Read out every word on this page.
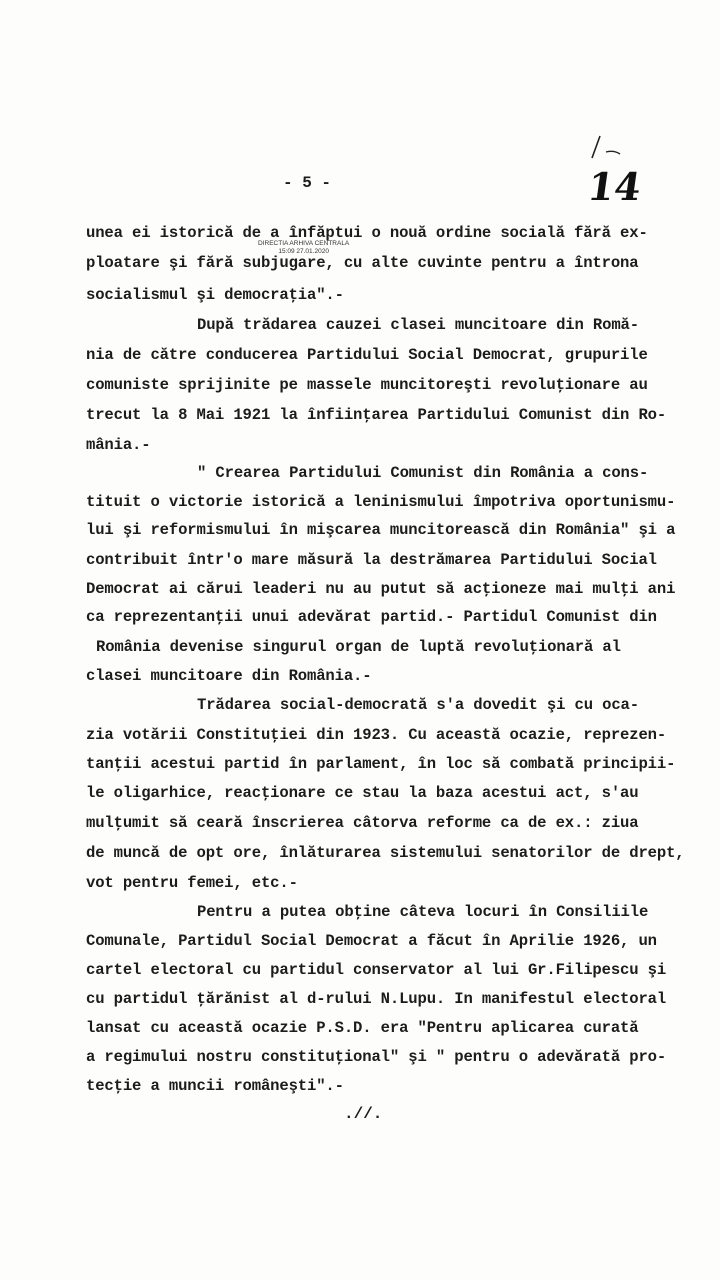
- 5 -	14
DIRECTIA ARHIVA CENTRALA
15:09 27.01.2020
unea ei istorică de a înfăptui o nouă ordine socială fără ex-
ploatare şi fără subjugare, cu alte cuvinte pentru a întrona
socialismul şi democraţia".-
După trădarea cauzei clasei muncitoare din Romă-
nia de către conducerea Partidului Social Democrat, grupurile
comuniste sprijinite pe massele muncitoreşti revoluţionare au
trecut la 8 Mai 1921 la înfiinţarea Partidului Comunist din Ro-
mânia.-
" Crearea Partidului Comunist din România a cons-
tituit o victorie istorică a leninismului împotriva oportunismu-
lui şi reformismului în mişcarea muncitorească din România" şi a
contribuit într'o mare măsură la destrămarea Partidului Social
Democrat ai cărui leaderi nu au putut să acţioneze mai mulţi ani
ca reprezentanţii unui adevărat partid.- Partidul Comunist din
România devenise singurul organ de luptă revoluţionară al
clasei muncitoare din România.-
Trădarea social-democrată s'a dovedit şi cu oca-
zia votării Constituţiei din 1923. Cu această ocazie, reprezen-
tanţii acestui partid în parlament, în loc să combată principii-
le oligarhice, reacţionare ce stau la baza acestui act, s'au
mulţumit să ceară înscrierea câtorva reforme ca de ex.: ziua
de muncă de opt ore, înlăturarea sistemului senatorilor de drept,
vot pentru femei, etc.-
Pentru a putea obţine câteva locuri în Consiliile
Comunale, Partidul Social Democrat a făcut în Aprilie 1926, un
cartel electoral cu partidul conservator al lui Gr.Filipescu şi
cu partidul ţărănist al d-rului N.Lupu. In manifestul electoral
lansat cu această ocazie P.S.D. era "Pentru aplicarea curată
a regimului nostru constituţional" şi " pentru o adevărată pro-
tecţie a muncii româneşti".-
.//.
